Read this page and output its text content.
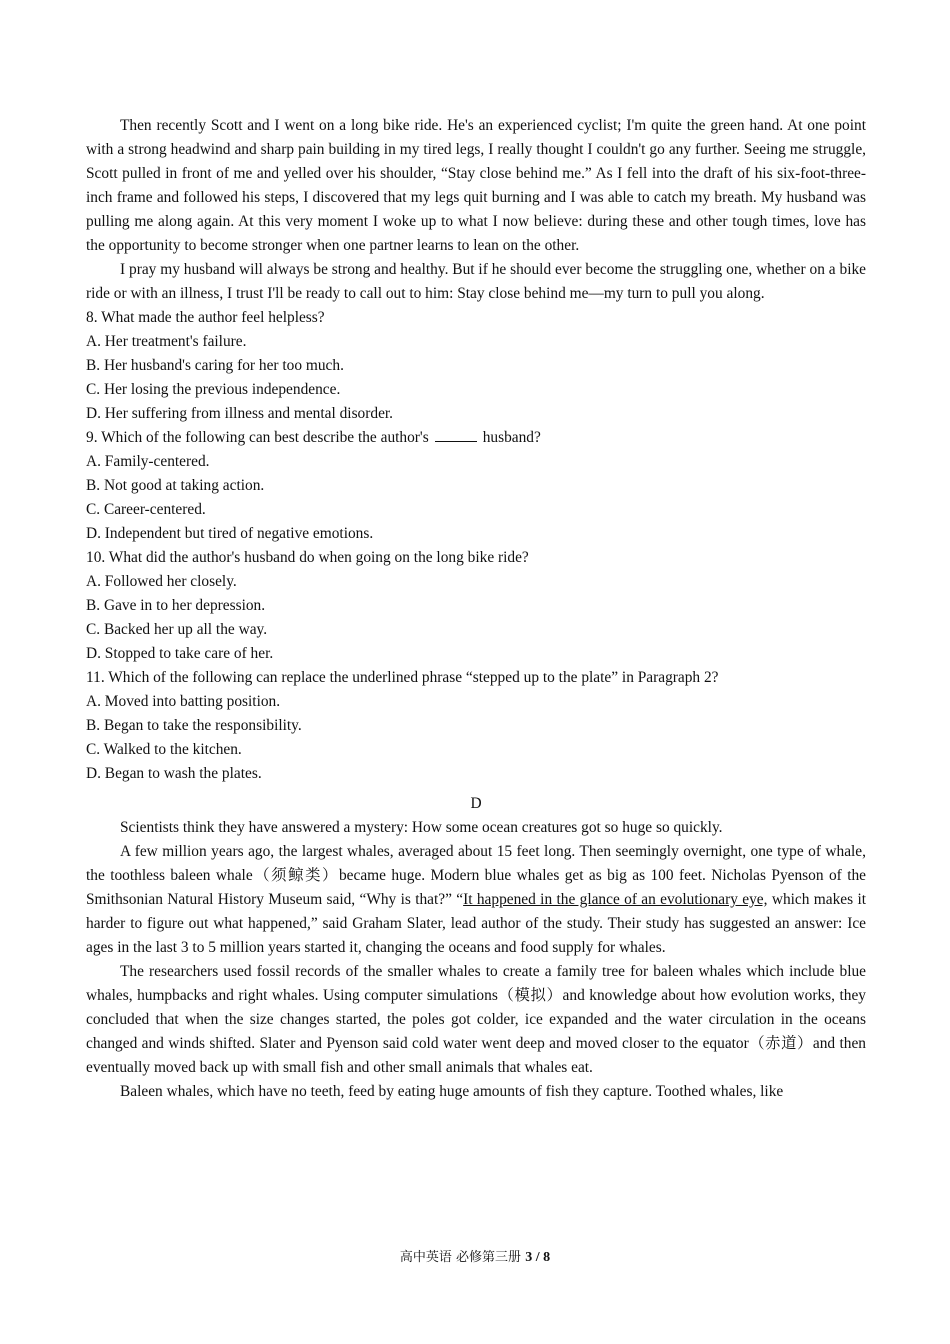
Then recently Scott and I went on a long bike ride. He's an experienced cyclist; I'm quite the green hand. At one point with a strong headwind and sharp pain building in my tired legs, I really thought I couldn't go any further. Seeing me struggle, Scott pulled in front of me and yelled over his shoulder, “Stay close behind me.” As I fell into the draft of his six-foot-three-inch frame and followed his steps, I discovered that my legs quit burning and I was able to catch my breath. My husband was pulling me along again. At this very moment I woke up to what I now believe: during these and other tough times, love has the opportunity to become stronger when one partner learns to lean on the other.

I pray my husband will always be strong and healthy. But if he should ever become the struggling one, whether on a bike ride or with an illness, I trust I'll be ready to call out to him: Stay close behind me—my turn to pull you along.

8. What made the author feel helpless?

A. Her treatment's failure.

B. Her husband's caring for her too much.

C. Her losing the previous independence.

D. Her suffering from illness and mental disorder.

9. Which of the following can best describe the author's	husband?

A. Family-centered.

B. Not good at taking action.

C. Career-centered.

D. Independent but tired of negative emotions.

10. What did the author's husband do when going on the long bike ride?

A. Followed her closely.

B. Gave in to her depression.

C. Backed her up all the way.

D. Stopped to take care of her.

11. Which of the following can replace the underlined phrase “stepped up to the plate” in Paragraph 2?

A. Moved into batting position.

B. Began to take the responsibility.

C. Walked to the kitchen.

D. Began to wash the plates.

D

Scientists think they have answered a mystery: How some ocean creatures got so huge so quickly.

A few million years ago, the largest whales, averaged about 15 feet long. Then seemingly overnight, one type of whale, the toothless baleen whale（须鲸类）became huge. Modern blue whales get as big as 100 feet. Nicholas Pyenson of the Smithsonian Natural History Museum said, “Why is that?” “It happened in the glance of an evolutionary eye, which makes it harder to figure out what happened,” said Graham Slater, lead author of the study. Their study has suggested an answer: Ice ages in the last 3 to 5 million years started it, changing the oceans and food supply for whales.

The researchers used fossil records of the smaller whales to create a family tree for baleen whales which include blue whales, humpbacks and right whales. Using computer simulations（模拟）and knowledge about how evolution works, they concluded that when the size changes started, the poles got colder, ice expanded and the water circulation in the oceans changed and winds shifted. Slater and Pyenson said cold water went deep and moved closer to the equator（赤道）and then eventually moved back up with small fish and other small animals that whales eat.

Baleen whales, which have no teeth, feed by eating huge amounts of fish they capture. Toothed whales, like

高中英语 必修第三册 3 / 8
